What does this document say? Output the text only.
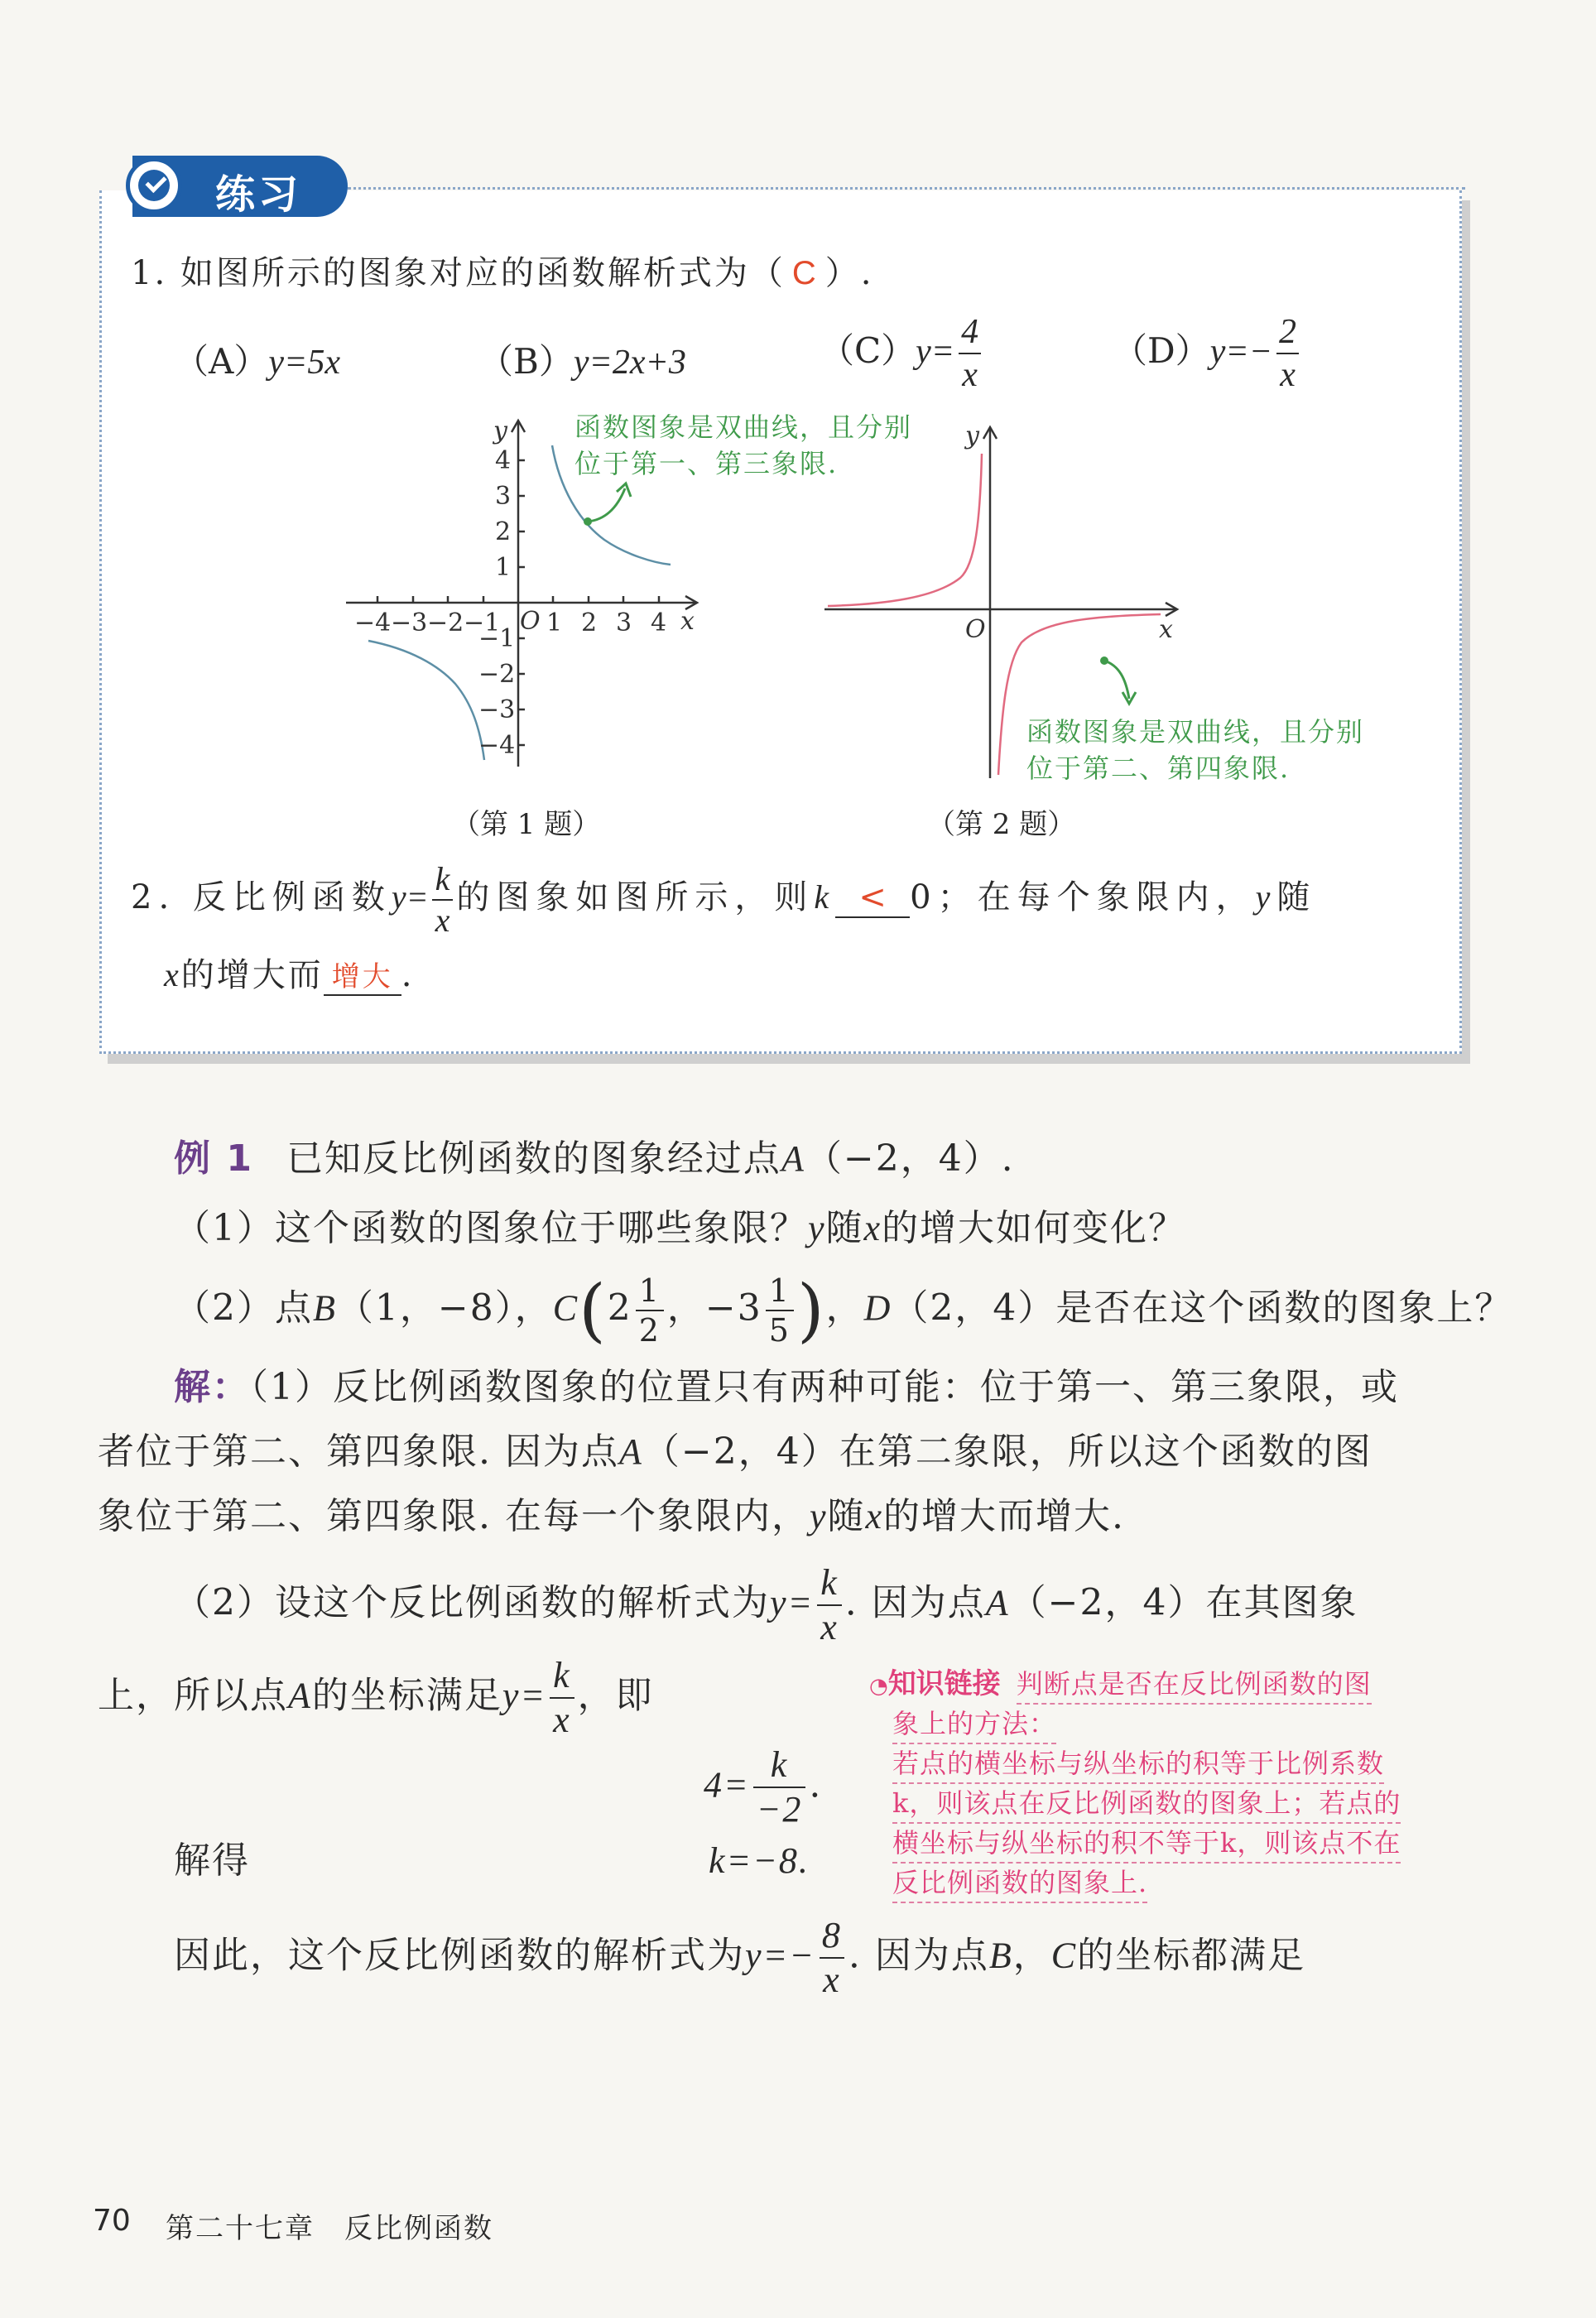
练习
1. 如图所示的图象对应的函数解析式为（ C ）.
（A）y=5x	（B）y=2x+3	$(C)y= \frac{4}{x}$	$(D)y=- \frac{2}{x}$
y
x
O
−4 −3 −2 −1 1 2 3 4
4
3
2
1
−1
−2
−3
−4
函数图象是双曲线，且分别
位于第一、第三象限.
（第 1 题）
y
x
O
函数图象是双曲线，且分别
位于第二、第四象限.
（第 2 题）
2. 反比例函数$y= \frac{k}{x}$ 的图象如图所示，则k < 0；在每个象限内，y随
x的增大而 增大 .
例 1 已知反比例函数的图象经过点A（−2，4）.
（1）这个函数的图象位于哪些象限？y随x的增大如何变化？
（2）点B（1，−8），$C(2 \frac{1}{2}$ ，$-3 \frac{1}{5}$ )，D（2，4）是否在这个函数的图象上？
解：（1）反比例函数图象的位置只有两种可能：位于第一、第三象限，或
者位于第二、第四象限. 因为点A（−2，4）在第二象限，所以这个函数的图
象位于第二、第四象限. 在每一个象限内，y随x的增大而增大.
（2）设这个反比例函数的解析式为$y= \frac{k}{x}$ . 因为点A（−2，4）在其图象
上，所以点A的坐标满足$y= \frac{k}{x}$ ，即
$4= \frac{k}{-2}$ .
解得	k=−8.
因此，这个反比例函数的解析式为$y=- \frac{8}{x}$ . 因为点B，C的坐标都满足
◔知识链接 判断点是否在反比例函数的图
象上的方法：
若点的横坐标与纵坐标的积等于比例系数
k，则该点在反比例函数的图象上；若点的
横坐标与纵坐标的积不等于k，则该点不在
反比例函数的图象上.
70 第二十七章　反比例函数
